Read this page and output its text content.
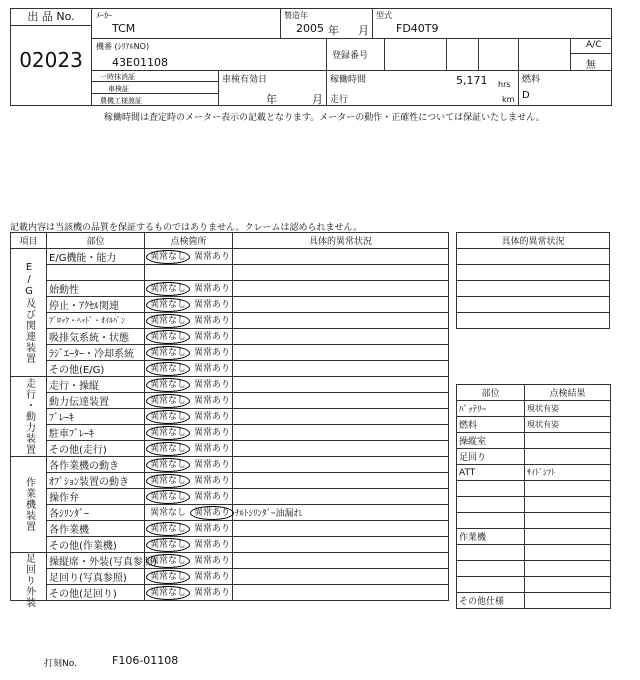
出 品 No.
02023
ﾒｰｶｰ
TCM
製造年
2005 年 月
型式
FD40T9
機番 (ｼﾘｱﾙNO)
43E01108	登録番号
A/C
無
一時抹消証
車検証
農機工様渡証
車検有効日
年	月
稼働時間
走行
5,171 hrs
km
燃料
D
稼働時間は査定時のメーター表示の記載となります。メーターの動作・正確性については保証いたしません。
記載内容は当該機の品質を保証するものではありません。クレームは認められません。
項目	部位	点検箇所	具体的異常状況
E/G及び関連装置	E/G機能・能力	異常なし 異常あり	

	始動性	異常なし 異常あり	
	停止・ｱｸｾﾙ関連	異常なし 異常あり	
	ﾌﾞﾛｯｸ・ﾍｯﾄﾞ・ｵｲﾙﾊﾟﾝ	異常なし 異常あり	
	吸排気系統・状態	異常なし 異常あり	
	ﾗｼﾞｴｰﾀｰ・冷却系統	異常なし 異常あり	
	その他(E/G)	異常なし 異常あり	
走行・動力装置	走行・操縦	異常なし 異常あり	
	動力伝達装置	異常なし 異常あり	
	ﾌﾞﾚｰｷ	異常なし 異常あり	
	駐車ﾌﾞﾚｰｷ	異常なし 異常あり	
	その他(走行)	異常なし 異常あり	
作業機装置	各作業機の動き	異常なし 異常あり	
	ｵﾌﾟｼｮﾝ装置の動き	異常なし 異常あり	
	操作弁	異常なし 異常あり	
	各ｼﾘﾝﾀﾞｰ	異常なし 異常あり	ﾁﾙﾄｼﾘﾝﾀﾞｰ油漏れ
	各作業機	異常なし 異常あり	
	その他(作業機)	異常なし 異常あり	
足回り外装	操縦席・外装(写真参照)	異常なし 異常あり	
	足回り(写真参照)	異常なし 異常あり	
	その他(足回り)	異常なし 異常あり	
具体的異常状況

部位	点検結果
ﾊﾞｯﾃﾘｰ	現状有姿
燃料	現状有姿
操縦室	
足回り	
ATT	ｻｲﾄﾞｼﾌﾄ

作業機	

その他仕様	
打刻No.	F106-01108
